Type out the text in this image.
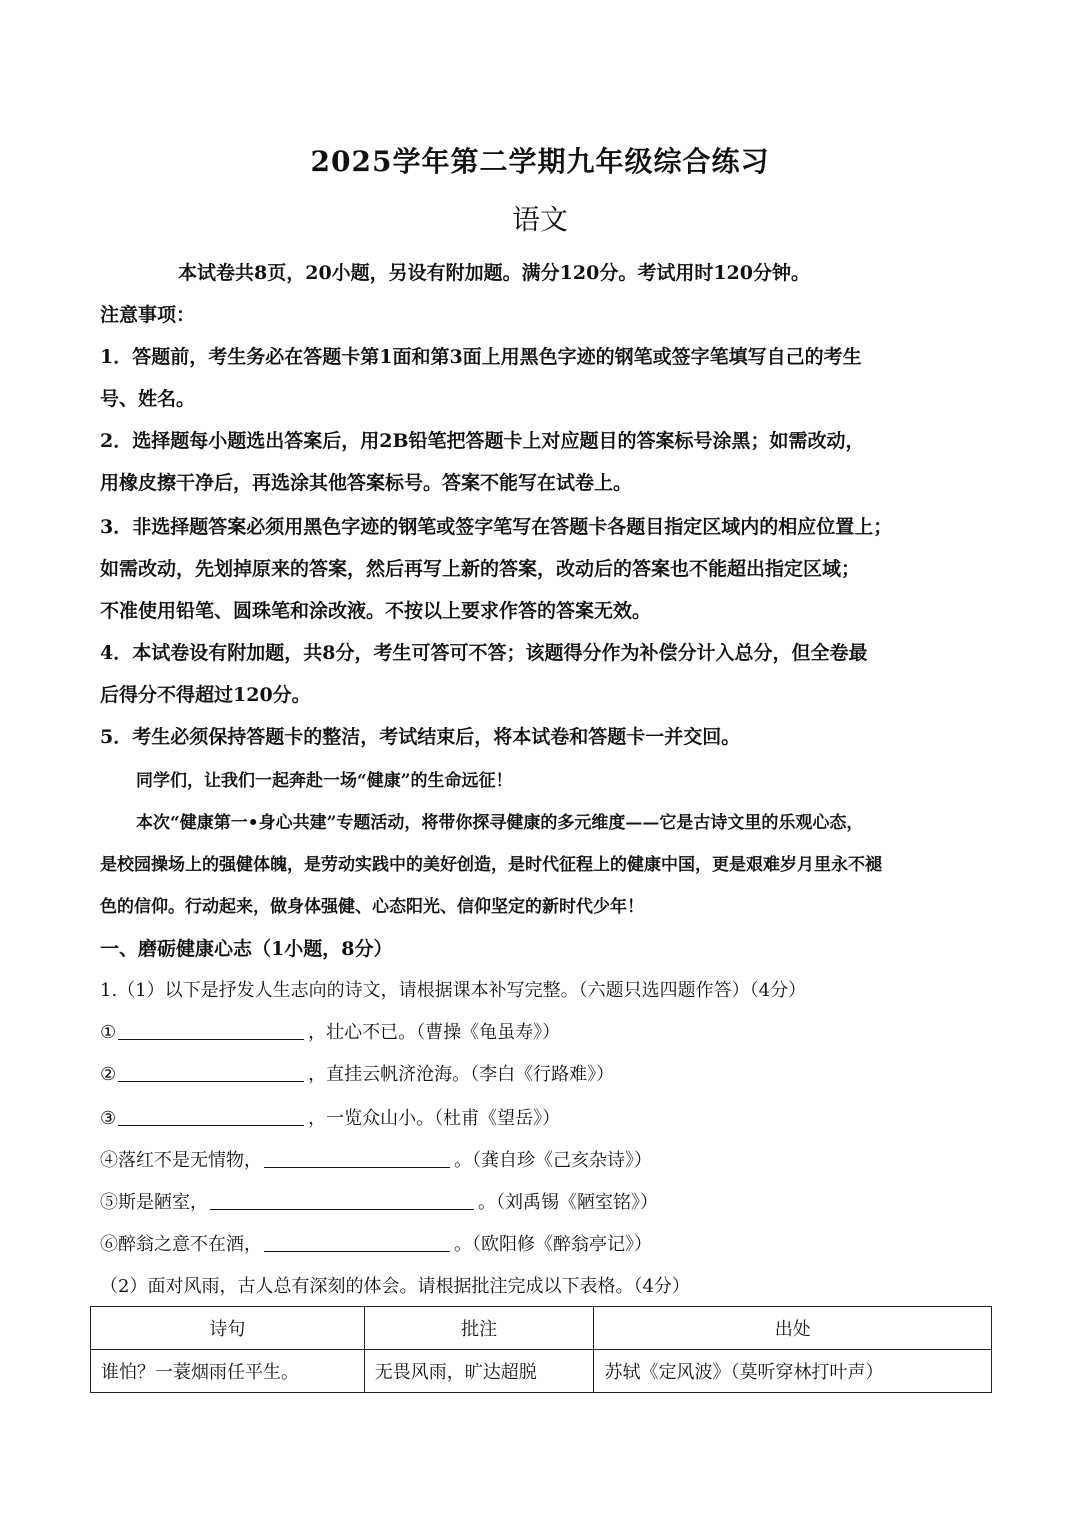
2025学年第二学期九年级综合练习
语文
本试卷共8页，20小题，另设有附加题。满分120分。考试用时120分钟。
注意事项：
1．答题前，考生务必在答题卡第1面和第3面上用黑色字迹的钢笔或签字笔填写自己的考生
号、姓名。
2．选择题每小题选出答案后，用2B铅笔把答题卡上对应题目的答案标号涂黑；如需改动，
用橡皮擦干净后，再选涂其他答案标号。答案不能写在试卷上。
3．非选择题答案必须用黑色字迹的钢笔或签字笔写在答题卡各题目指定区域内的相应位置上；
如需改动，先划掉原来的答案，然后再写上新的答案，改动后的答案也不能超出指定区域；
不准使用铅笔、圆珠笔和涂改液。不按以上要求作答的答案无效。
4．本试卷设有附加题，共8分，考生可答可不答；该题得分作为补偿分计入总分，但全卷最
后得分不得超过120分。
5．考生必须保持答题卡的整洁，考试结束后，将本试卷和答题卡一并交回。
同学们，让我们一起奔赴一场“健康”的生命远征！
本次“健康第一•身心共建”专题活动，将带你探寻健康的多元维度——它是古诗文里的乐观心态，
是校园操场上的强健体魄，是劳动实践中的美好创造，是时代征程上的健康中国，更是艰难岁月里永不褪
色的信仰。行动起来，做身体强健、心态阳光、信仰坚定的新时代少年！
一、磨砺健康心志（1小题，8分）
1.（1）以下是抒发人生志向的诗文，请根据课本补写完整。（六题只选四题作答）（4分）
①	，壮心不已。（曹操《龟虽寿》）
②	，直挂云帆济沧海。（李白《行路难》）
③	，一览众山小。（杜甫《望岳》）
④落红不是无情物，	。（龚自珍《己亥杂诗》）
⑤斯是陋室，	。（刘禹锡《陋室铭》）
⑥醉翁之意不在酒，	。（欧阳修《醉翁亭记》）
（2）面对风雨，古人总有深刻的体会。请根据批注完成以下表格。（4分）
诗句	批注	出处
谁怕？一蓑烟雨任平生。	无畏风雨，旷达超脱	苏轼《定风波》（莫听穿林打叶声）
